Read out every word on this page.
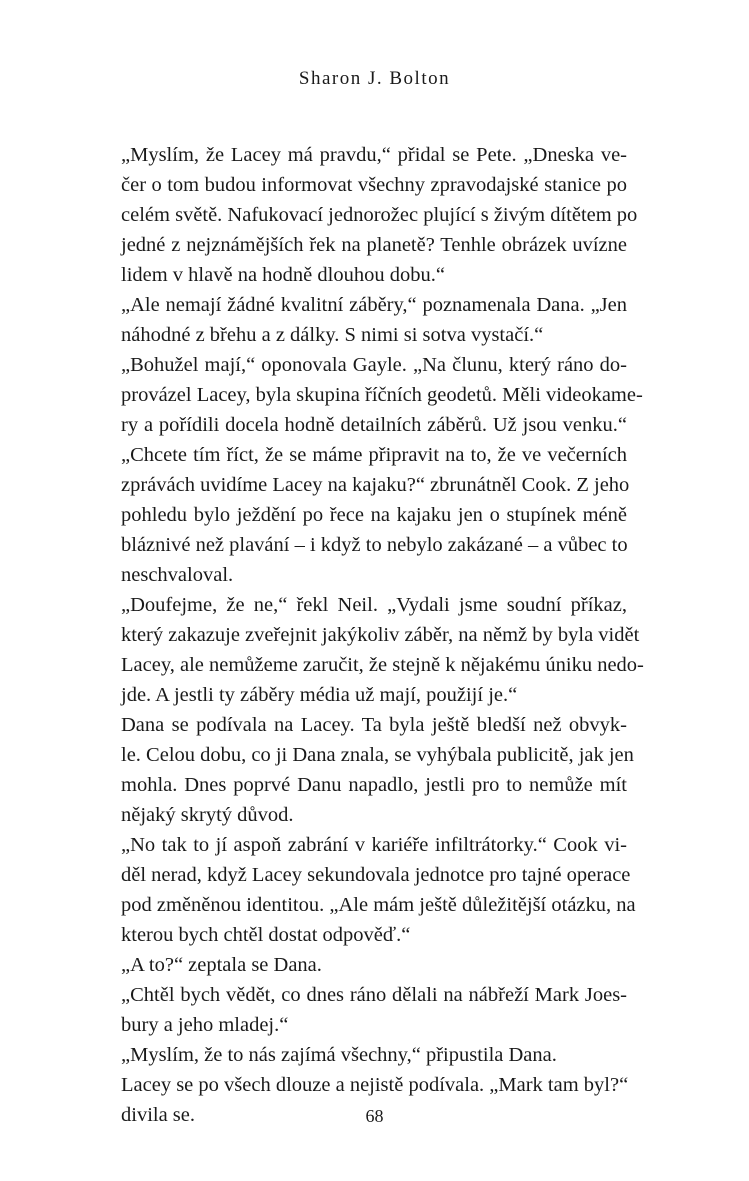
Sharon J. Bolton
„Myslím, že Lacey má pravdu,“ přidal se Pete. „Dneska ve-
čer o tom budou informovat všechny zpravodajské stanice po
celém světě. Nafukovací jednorožec plující s živým dítětem po
jedné z nejznámějších řek na planetě? Tenhle obrázek uvízne
lidem v hlavě na hodně dlouhou dobu.“
„Ale nemají žádné kvalitní záběry,“ poznamenala Dana. „Jen
náhodné z břehu a z dálky. S nimi si sotva vystačí.“
„Bohužel mají,“ oponovala Gayle. „Na člunu, který ráno do-
provázel Lacey, byla skupina říčních geodetů. Měli videokame-
ry a pořídili docela hodně detailních záběrů. Už jsou venku.“
„Chcete tím říct, že se máme připravit na to, že ve večerních
zprávách uvidíme Lacey na kajaku?“ zbrunátněl Cook. Z jeho
pohledu bylo ježdění po řece na kajaku jen o stupínek méně
bláznivé než plavání – i když to nebylo zakázané – a vůbec to
neschvaloval.
„Doufejme, že ne,“ řekl Neil. „Vydali jsme soudní příkaz,
který zakazuje zveřejnit jakýkoliv záběr, na němž by byla vidět
Lacey, ale nemůžeme zaručit, že stejně k nějakému úniku nedo-
jde. A jestli ty záběry média už mají, použijí je.“
Dana se podívala na Lacey. Ta byla ještě bledší než obvyk-
le. Celou dobu, co ji Dana znala, se vyhýbala publicitě, jak jen
mohla. Dnes poprvé Danu napadlo, jestli pro to nemůže mít
nějaký skrytý důvod.
„No tak to jí aspoň zabrání v kariéře infiltrátorky.“ Cook vi-
děl nerad, když Lacey sekundovala jednotce pro tajné operace
pod změněnou identitou. „Ale mám ještě důležitější otázku, na
kterou bych chtěl dostat odpověď.“
„A to?“ zeptala se Dana.
„Chtěl bych vědět, co dnes ráno dělali na nábřeží Mark Joes-
bury a jeho mladej.“
„Myslím, že to nás zajímá všechny,“ připustila Dana.
Lacey se po všech dlouze a nejistě podívala. „Mark tam byl?“
divila se.	68
